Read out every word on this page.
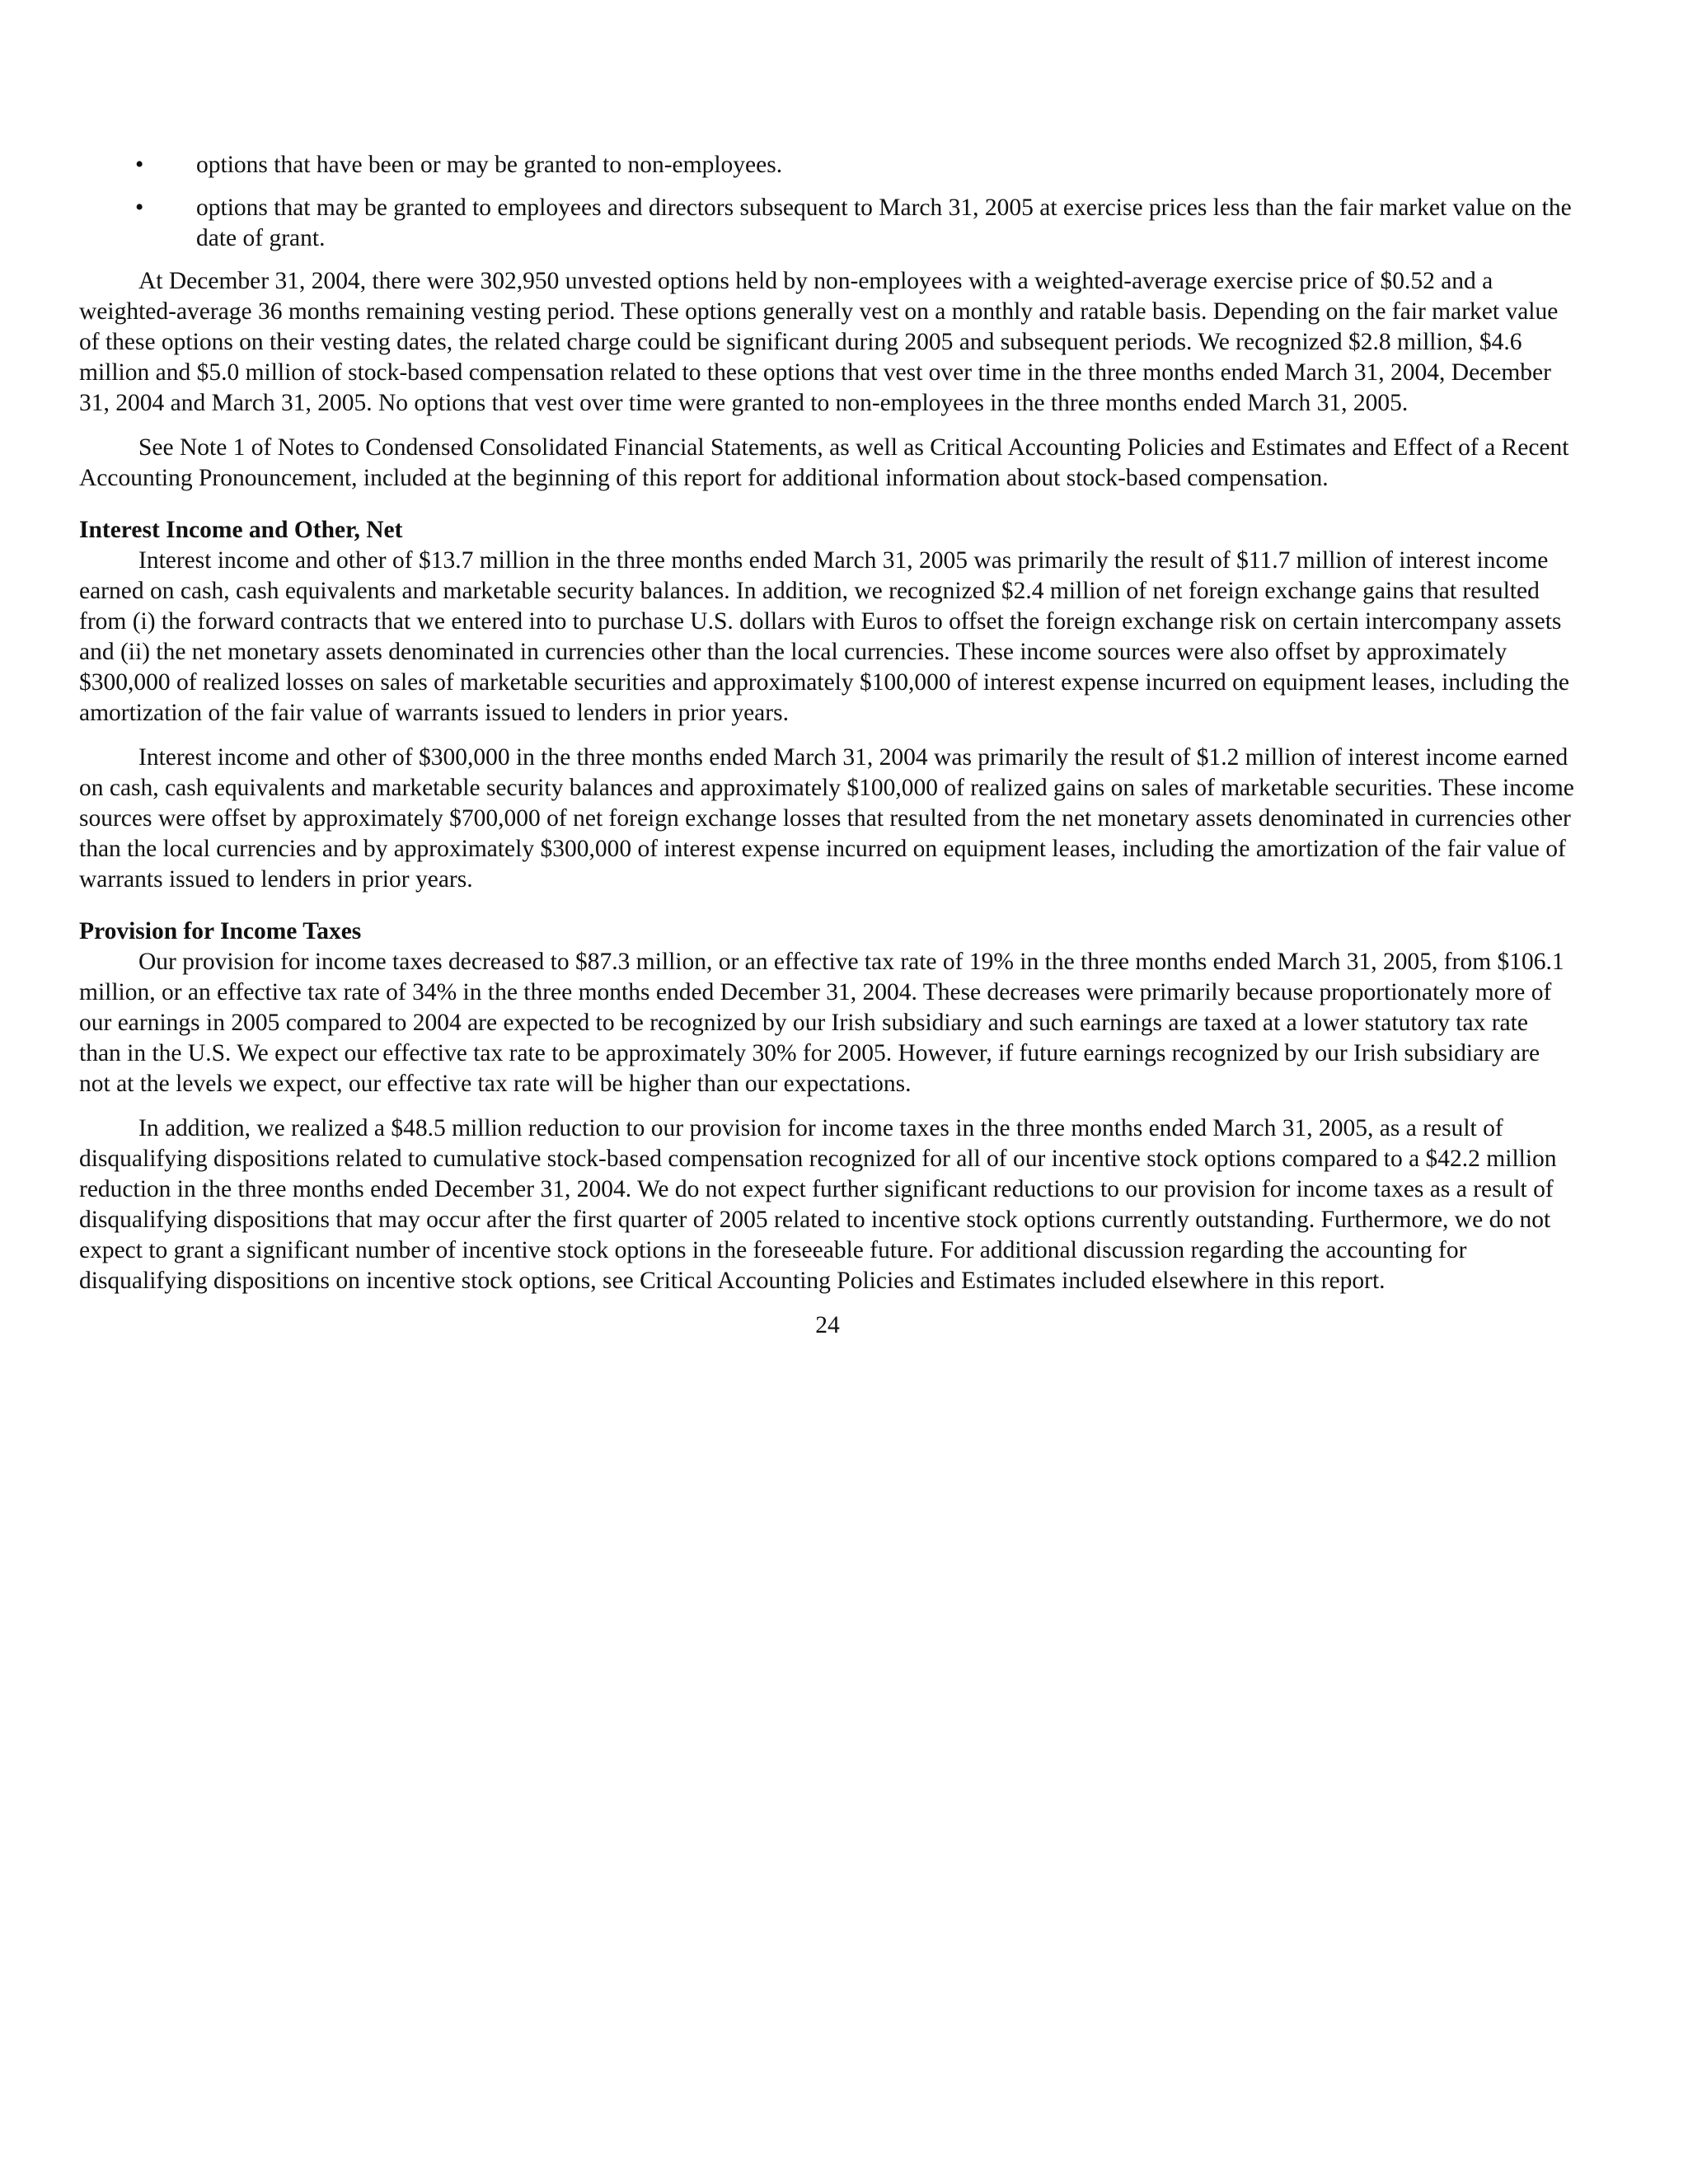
• options that have been or may be granted to non-employees.
• options that may be granted to employees and directors subsequent to March 31, 2005 at exercise prices less than the fair market value on the date of grant.

At December 31, 2004, there were 302,950 unvested options held by non-employees with a weighted-average exercise price of $0.52 and a weighted-average 36 months remaining vesting period. These options generally vest on a monthly and ratable basis. Depending on the fair market value of these options on their vesting dates, the related charge could be significant during 2005 and subsequent periods. We recognized $2.8 million, $4.6 million and $5.0 million of stock-based compensation related to these options that vest over time in the three months ended March 31, 2004, December 31, 2004 and March 31, 2005. No options that vest over time were granted to non-employees in the three months ended March 31, 2005.

See Note 1 of Notes to Condensed Consolidated Financial Statements, as well as Critical Accounting Policies and Estimates and Effect of a Recent Accounting Pronouncement, included at the beginning of this report for additional information about stock-based compensation.

Interest Income and Other, Net

Interest income and other of $13.7 million in the three months ended March 31, 2005 was primarily the result of $11.7 million of interest income earned on cash, cash equivalents and marketable security balances. In addition, we recognized $2.4 million of net foreign exchange gains that resulted from (i) the forward contracts that we entered into to purchase U.S. dollars with Euros to offset the foreign exchange risk on certain intercompany assets and (ii) the net monetary assets denominated in currencies other than the local currencies. These income sources were also offset by approximately $300,000 of realized losses on sales of marketable securities and approximately $100,000 of interest expense incurred on equipment leases, including the amortization of the fair value of warrants issued to lenders in prior years.

Interest income and other of $300,000 in the three months ended March 31, 2004 was primarily the result of $1.2 million of interest income earned on cash, cash equivalents and marketable security balances and approximately $100,000 of realized gains on sales of marketable securities. These income sources were offset by approximately $700,000 of net foreign exchange losses that resulted from the net monetary assets denominated in currencies other than the local currencies and by approximately $300,000 of interest expense incurred on equipment leases, including the amortization of the fair value of warrants issued to lenders in prior years.

Provision for Income Taxes

Our provision for income taxes decreased to $87.3 million, or an effective tax rate of 19% in the three months ended March 31, 2005, from $106.1 million, or an effective tax rate of 34% in the three months ended December 31, 2004. These decreases were primarily because proportionately more of our earnings in 2005 compared to 2004 are expected to be recognized by our Irish subsidiary and such earnings are taxed at a lower statutory tax rate than in the U.S. We expect our effective tax rate to be approximately 30% for 2005. However, if future earnings recognized by our Irish subsidiary are not at the levels we expect, our effective tax rate will be higher than our expectations.

In addition, we realized a $48.5 million reduction to our provision for income taxes in the three months ended March 31, 2005, as a result of disqualifying dispositions related to cumulative stock-based compensation recognized for all of our incentive stock options compared to a $42.2 million reduction in the three months ended December 31, 2004. We do not expect further significant reductions to our provision for income taxes as a result of disqualifying dispositions that may occur after the first quarter of 2005 related to incentive stock options currently outstanding. Furthermore, we do not expect to grant a significant number of incentive stock options in the foreseeable future. For additional discussion regarding the accounting for disqualifying dispositions on incentive stock options, see Critical Accounting Policies and Estimates included elsewhere in this report.

24
